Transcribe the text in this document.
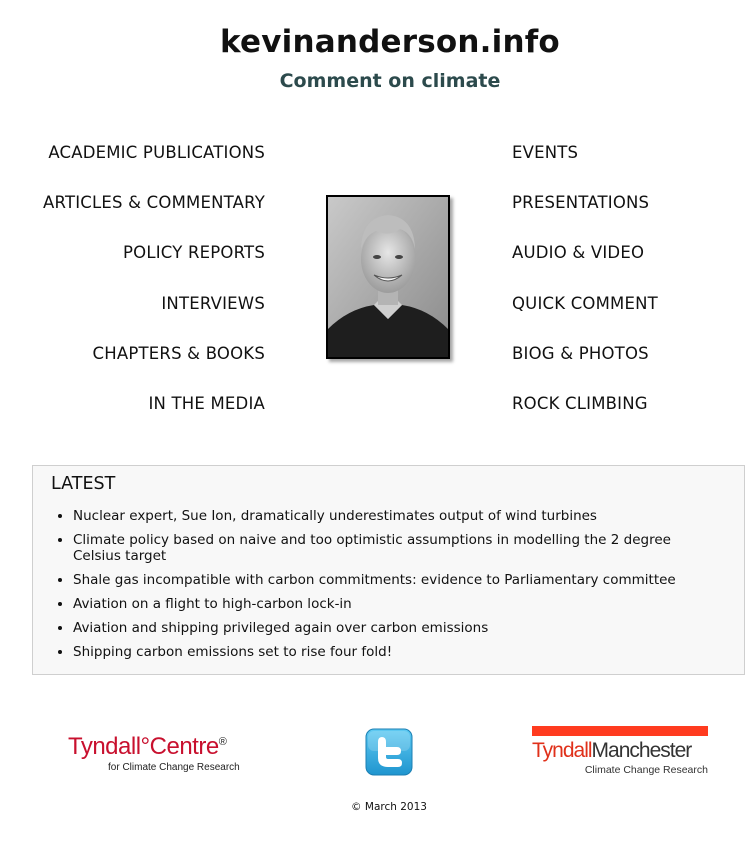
kevinanderson.info
Comment on climate
ACADEMIC PUBLICATIONS
ARTICLES & COMMENTARY
POLICY REPORTS
INTERVIEWS
CHAPTERS & BOOKS
IN THE MEDIA
EVENTS
PRESENTATIONS
AUDIO & VIDEO
QUICK COMMENT
BIOG & PHOTOS
ROCK CLIMBING
LATEST
• Nuclear expert, Sue Ion, dramatically underestimates output of wind turbines
• Climate policy based on naive and too optimistic assumptions in modelling the 2 degree Celsius target
• Shale gas incompatible with carbon commitments: evidence to Parliamentary committee
• Aviation on a flight to high-carbon lock-in
• Aviation and shipping privileged again over carbon emissions
• Shipping carbon emissions set to rise four fold!
Tyndall°Centre®
for Climate Change Research
TyndallManchester
Climate Change Research
© March 2013
